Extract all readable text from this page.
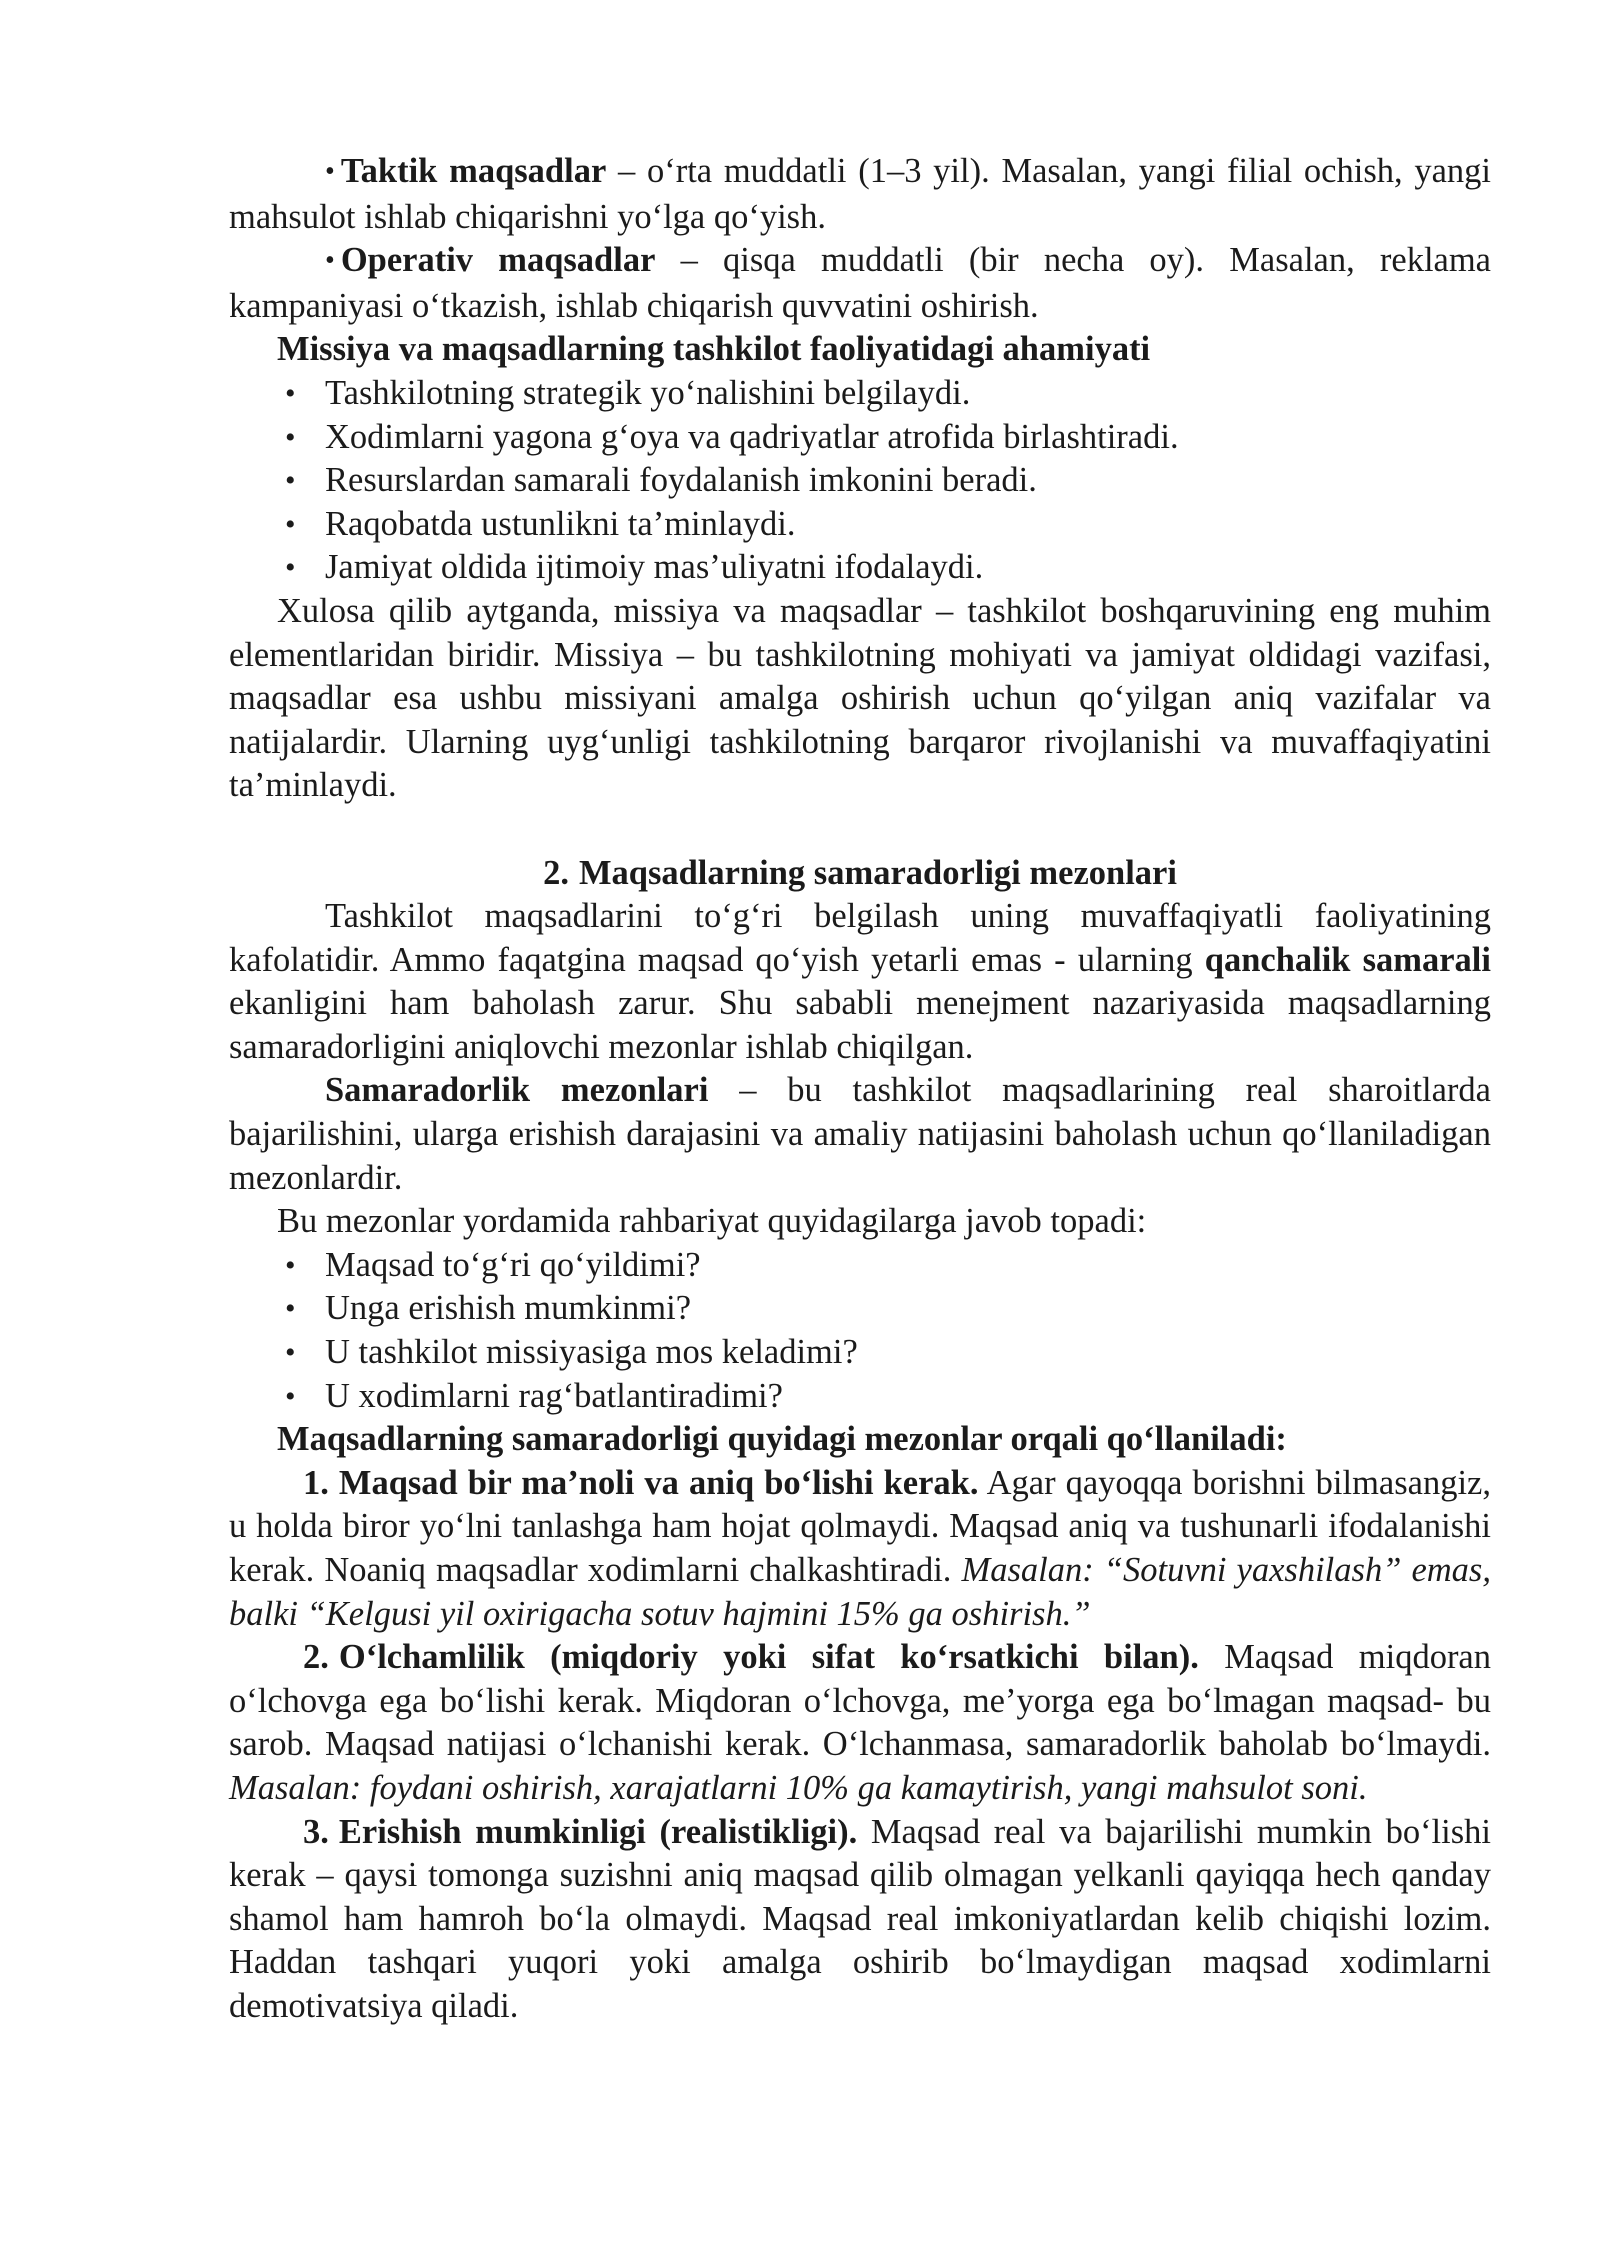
• Taktik maqsadlar – o‘rta muddatli (1–3 yil). Masalan, yangi filial ochish, yangi mahsulot ishlab chiqarishni yo‘lga qo‘yish.

• Operativ maqsadlar – qisqa muddatli (bir necha oy). Masalan, reklama kampaniyasi o‘tkazish, ishlab chiqarish quvvatini oshirish.

Missiya va maqsadlarning tashkilot faoliyatidagi ahamiyati

• Tashkilotning strategik yo‘nalishini belgilaydi.
• Xodimlarni yagona g‘oya va qadriyatlar atrofida birlashtiradi.
• Resurslardan samarali foydalanish imkonini beradi.
• Raqobatda ustunlikni ta’minlaydi.
• Jamiyat oldida ijtimoiy mas’uliyatni ifodalaydi.

Xulosa qilib aytganda, missiya va maqsadlar – tashkilot boshqaruvining eng muhim elementlaridan biridir. Missiya – bu tashkilotning mohiyati va jamiyat oldidagi vazifasi, maqsadlar esa ushbu missiyani amalga oshirish uchun qo‘yilgan aniq vazifalar va natijalardir. Ularning uyg‘unligi tashkilotning barqaror rivojlanishi va muvaffaqiyatini ta’minlaydi.

2. Maqsadlarning samaradorligi mezonlari

Tashkilot maqsadlarini to‘g‘ri belgilash uning muvaffaqiyatli faoliyatining kafolatidir. Ammo faqatgina maqsad qo‘yish yetarli emas - ularning qanchalik samarali ekanligini ham baholash zarur. Shu sababli menejment nazariyasida maqsadlarning samaradorligini aniqlovchi mezonlar ishlab chiqilgan.

Samaradorlik mezonlari – bu tashkilot maqsadlarining real sharoitlarda bajarilishini, ularga erishish darajasini va amaliy natijasini baholash uchun qo‘llaniladigan mezonlardir.

Bu mezonlar yordamida rahbariyat quyidagilarga javob topadi:

• Maqsad to‘g‘ri qo‘yildimi?
• Unga erishish mumkinmi?
• U tashkilot missiyasiga mos keladimi?
• U xodimlarni rag‘batlantiradimi?

Maqsadlarning samaradorligi quyidagi mezonlar orqali qo‘llaniladi:

1. Maqsad bir ma’noli va aniq bo‘lishi kerak. Agar qayoqqa borishni bilmasangiz, u holda biror yo‘lni tanlashga ham hojat qolmaydi. Maqsad aniq va tushunarli ifodalanishi kerak. Noaniq maqsadlar xodimlarni chalkashtiradi. Masalan: “Sotuvni yaxshilash” emas, balki “Kelgusi yil oxirigacha sotuv hajmini 15% ga oshirish.”

2. O‘lchamlilik (miqdoriy yoki sifat ko‘rsatkichi bilan). Maqsad miqdoran o‘lchovga ega bo‘lishi kerak. Miqdoran o‘lchovga, me’yorga ega bo‘lmagan maqsad- bu sarob. Maqsad natijasi o‘lchanishi kerak. O‘lchanmasa, samaradorlik baholab bo‘lmaydi. Masalan: foydani oshirish, xarajatlarni 10% ga kamaytirish, yangi mahsulot soni.

3. Erishish mumkinligi (realistikligi). Maqsad real va bajarilishi mumkin bo‘lishi kerak – qaysi tomonga suzishni aniq maqsad qilib olmagan yelkanli qayiqqa hech qanday shamol ham hamroh bo‘la olmaydi. Maqsad real imkoniyatlardan kelib chiqishi lozim. Haddan tashqari yuqori yoki amalga oshirib bo‘lmaydigan maqsad xodimlarni demotivatsiya qiladi.
